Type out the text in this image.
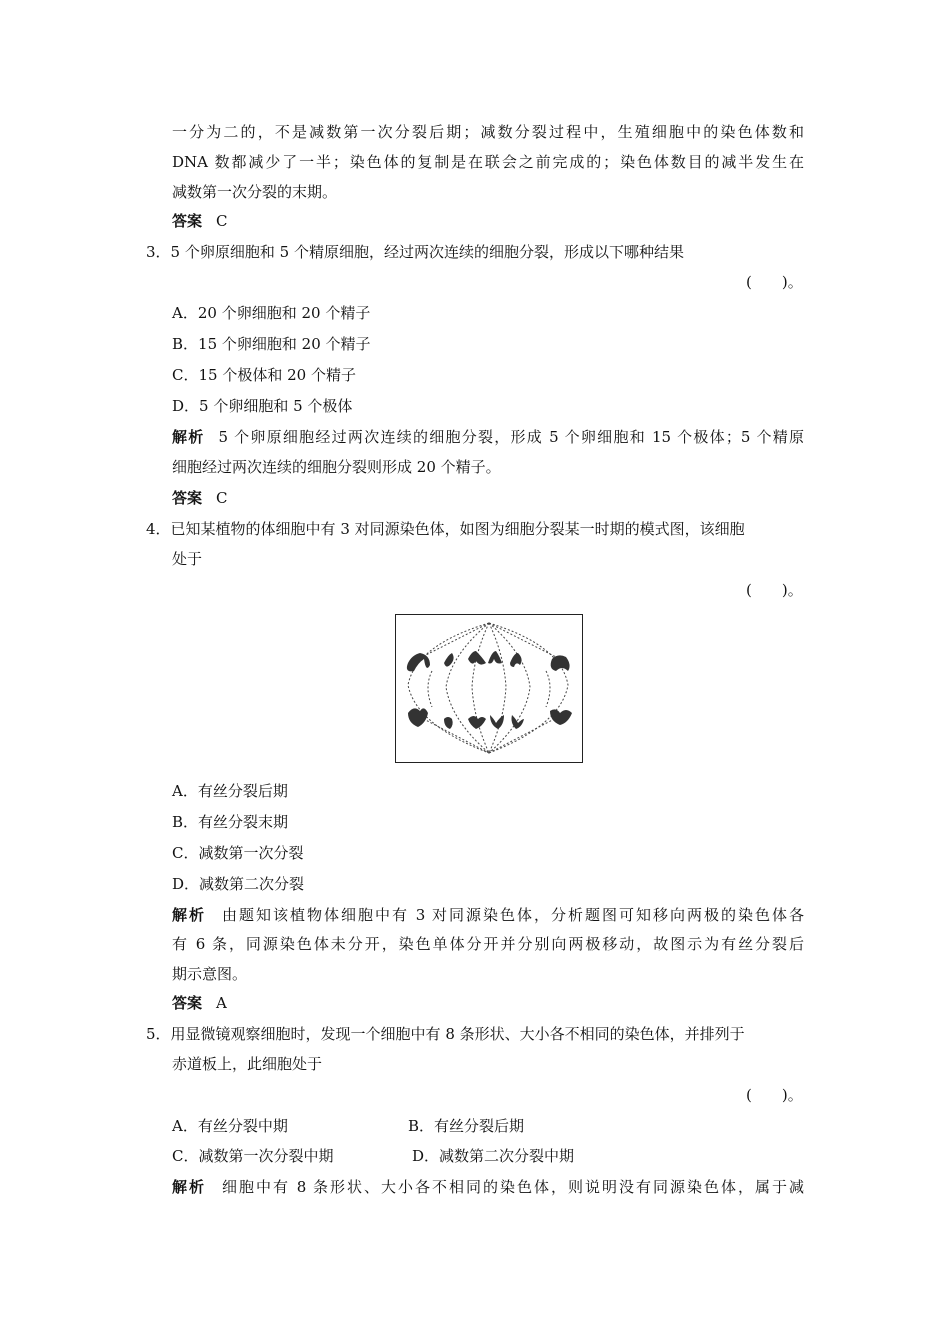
一分为二的，不是减数第一次分裂后期；减数分裂过程中，生殖细胞中的染色体数和
DNA 数都减少了一半；染色体的复制是在联会之前完成的；染色体数目的减半发生在
减数第一次分裂的末期。
答案 C
3．5 个卵原细胞和 5 个精原细胞，经过两次连续的细胞分裂，形成以下哪种结果
(　　)。
A．20 个卵细胞和 20 个精子
B．15 个卵细胞和 20 个精子
C．15 个极体和 20 个精子
D．5 个卵细胞和 5 个极体
解析 5 个卵原细胞经过两次连续的细胞分裂，形成 5 个卵细胞和 15 个极体；5 个精原
细胞经过两次连续的细胞分裂则形成 20 个精子。
答案 C
4．已知某植物的体细胞中有 3 对同源染色体，如图为细胞分裂某一时期的模式图，该细胞
处于
(　　)。
A．有丝分裂后期
B．有丝分裂末期
C．减数第一次分裂
D．减数第二次分裂
解析 由题知该植物体细胞中有 3 对同源染色体，分析题图可知移向两极的染色体各
有 6 条，同源染色体未分开，染色单体分开并分别向两极移动，故图示为有丝分裂后
期示意图。
答案 A
5．用显微镜观察细胞时，发现一个细胞中有 8 条形状、大小各不相同的染色体，并排列于
赤道板上，此细胞处于
(　　)。
A．有丝分裂中期	B．有丝分裂后期
C．减数第一次分裂中期	D．减数第二次分裂中期
解析 细胞中有 8 条形状、大小各不相同的染色体，则说明没有同源染色体，属于减
